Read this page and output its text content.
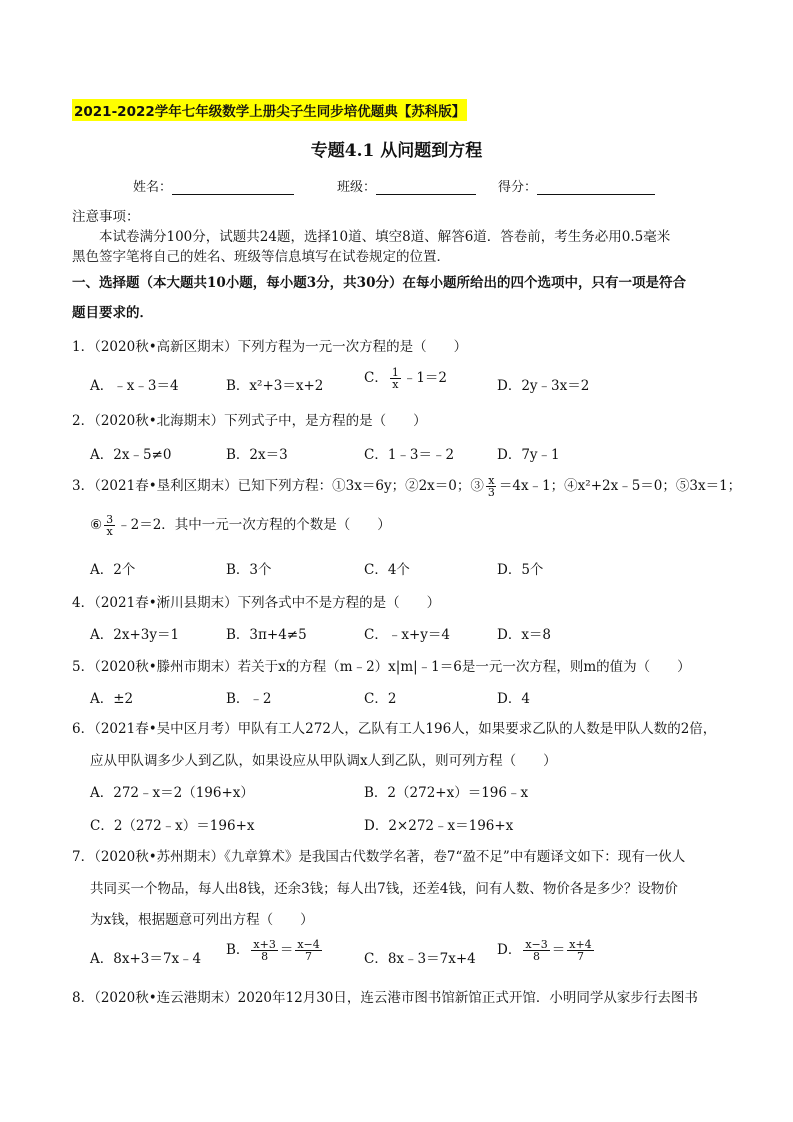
2021-2022学年七年级数学上册尖子生同步培优题典【苏科版】
专题4.1 从问题到方程
姓名：	班级：	得分：
注意事项：
本试卷满分100分，试题共24题，选择10道、填空8道、解答6道．答卷前，考生务必用0.5毫米
黑色签字笔将自己的姓名、班级等信息填写在试卷规定的位置．
一、选择题（本大题共10小题，每小题3分，共30分）在每小题所给出的四个选项中，只有一项是符合
题目要求的．
1．（2020秋•高新区期末）下列方程为一元一次方程的是（　　）
A．﹣x﹣3＝4	B．x²+3＝x+2	C． $\frac{1}{x}$ ﹣1＝2	D．2y﹣3x＝2
2．（2020秋•北海期末）下列式子中，是方程的是（　　）
A．2x﹣5≠0	B．2x＝3	C．1﹣3＝﹣2	D．7y﹣1
3．（2021春•垦利区期末）已知下列方程：①3x＝6y；②2x＝0；③ $\frac{x}{3}$ ＝4x﹣1；④x²+2x﹣5＝0；⑤3x＝1；
⑥ $\frac{3}{x}$ ﹣2＝2．其中一元一次方程的个数是（　　）
A．2个	B．3个	C．4个	D．5个
4．（2021春•淅川县期末）下列各式中不是方程的是（　　）
A．2x+3y＝1	B．3π+4≠5	C．﹣x+y＝4	D．x＝8
5．（2020秋•滕州市期末）若关于x的方程（m﹣2）x|m|﹣1＝6是一元一次方程，则m的值为（　　）
A．±2	B．﹣2	C．2	D．4
6．（2021春•吴中区月考）甲队有工人272人，乙队有工人196人，如果要求乙队的人数是甲队人数的2倍，
应从甲队调多少人到乙队，如果设应从甲队调x人到乙队，则可列方程（　　）
A．272﹣x＝2（196+x）	B．2（272+x）＝196﹣x
C．2（272﹣x）＝196+x	D．2×272﹣x＝196+x
7．（2020秋•苏州期末）《九章算术》是我国古代数学名著，卷7“盈不足”中有题译文如下：现有一伙人
共同买一个物品，每人出8钱，还余3钱；每人出7钱，还差4钱，问有人数、物价各是多少？设物价
为x钱，根据题意可列出方程（　　）
A．8x+3＝7x﹣4
B． $\frac{x+3}{8} = \frac{x-4}{7}$	C．8x﹣3＝7x+4
D． $\frac{x-3}{8} = \frac{x+4}{7}$
8．（2020秋•连云港期末）2020年12月30日，连云港市图书馆新馆正式开馆．小明同学从家步行去图书
